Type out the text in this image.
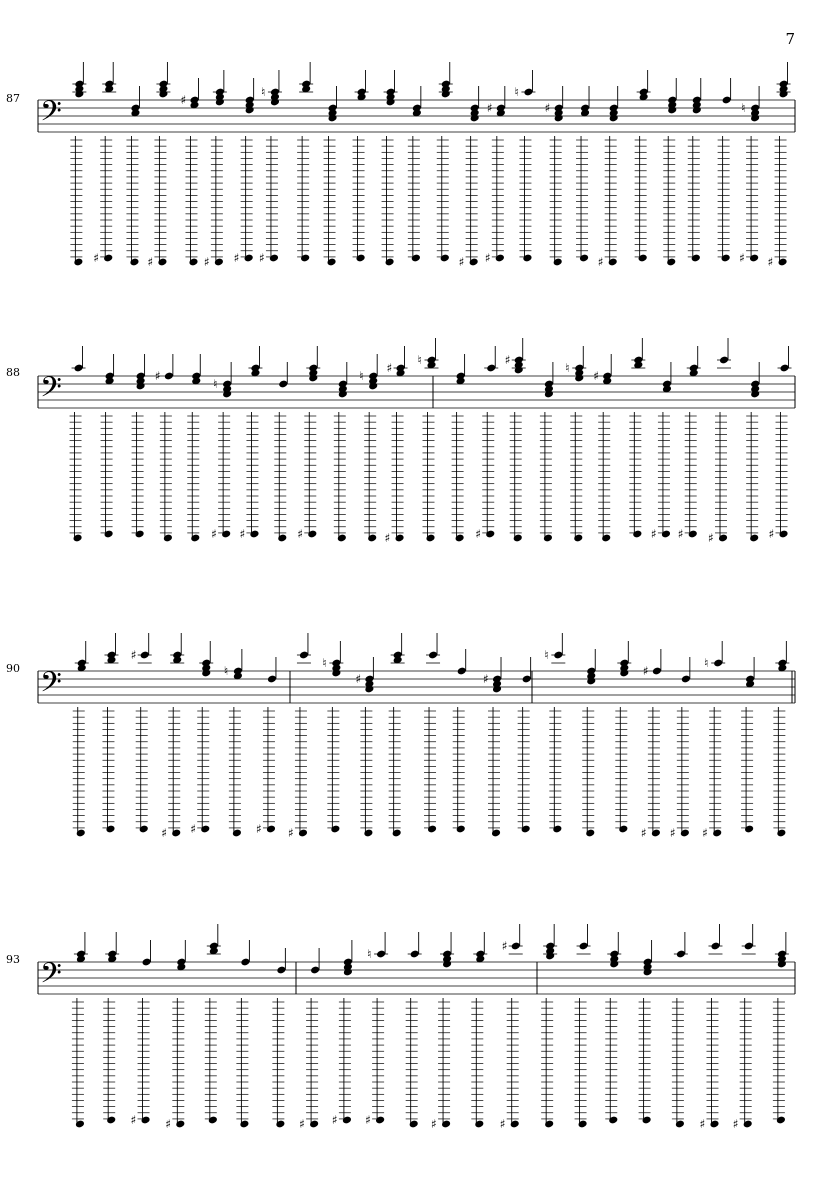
7
87
88
90
93
𝄢
♯	♯
♯
♯ ♯ ♯
♮
♯ ♯
♯
♮
♯
♯	♯
♮
♯
𝄢	♯
♯
♮
♯	♯
♮
♯
♯
♮
♯
♯
♮
♯
♯ ♯ ♯	♯
𝄢
♯
♯ ♯
♮
♯ ♯
♮
♯	♯
♮
♯
♯
♯ ♯
♮
𝄢
♯ ♯	♯ ♯ ♯
♮
♯	♯
♯
♯ ♯
